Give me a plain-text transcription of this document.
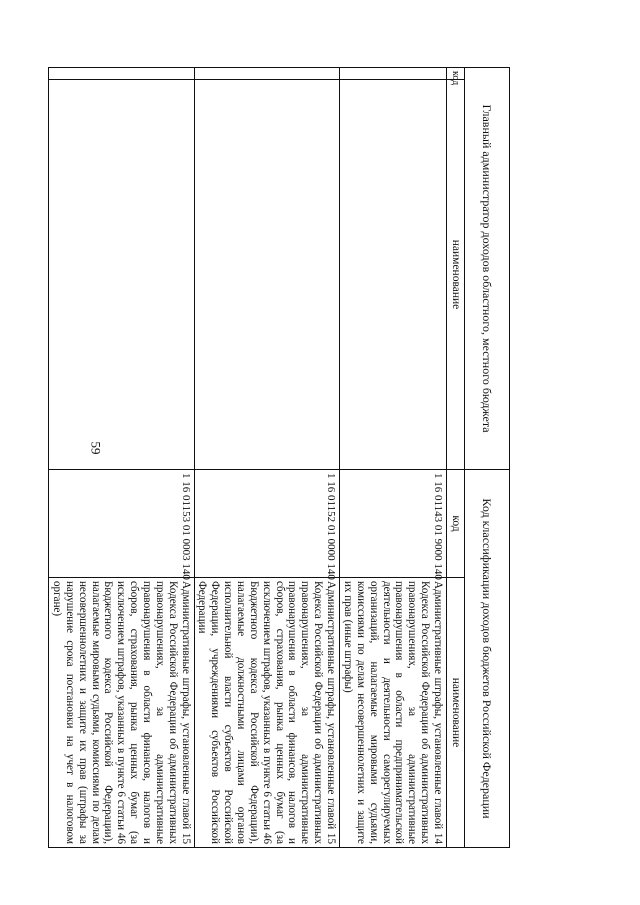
59
Главный администратор доходов областного, местного бюджета		Код классификации доходов бюджетов Российской Федерации	
код	наименование	код	наименование
		1 16 01143 01 9000 140	Административные штрафы, установленные главой 14 Кодекса Российской Федерации об административных правонарушениях, за административные правонарушения в области предпринимательской деятельности и деятельности саморегулируемых организаций, налагаемые мировыми судьями, комиссиями по делам несовершеннолетних и защите их прав (иные штрафы)
		1 16 01152 01 0000 140	Административные штрафы, установленные главой 15 Кодекса Российской Федерации об административных правонарушениях, за административные правонарушения в области финансов, налогов и сборов, страхования, рынка ценных бумаг (за исключением штрафов, указанных в пункте 6 статьи 46 Бюджетного кодекса Российской Федерации), налагаемые должностными лицами органов исполнительной власти субъектов Российской Федерации, учреждениями субъектов Российской Федерации
		1 16 01153 01 0003 140	Административные штрафы, установленные главой 15 Кодекса Российской Федерации об административных правонарушениях, за административные правонарушения в области финансов, налогов и сборов, страхования, рынка ценных бумаг (за исключением штрафов, указанных в пункте 6 статьи 46 Бюджетного кодекса Российской Федерации), налагаемые мировыми судьями, комиссиями по делам несовершеннолетних и защите их прав (штрафы за нарушение срока постановки на учет в налоговом органе)
